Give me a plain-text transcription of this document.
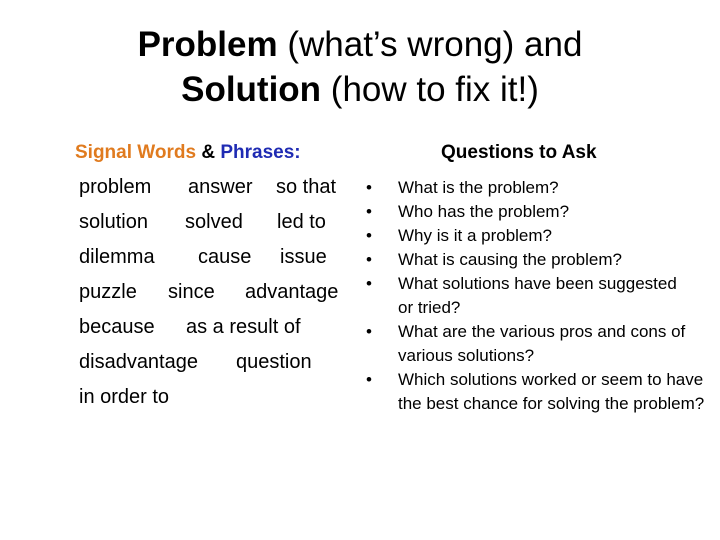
Problem (what’s wrong) and
Solution (how to fix it!)
Signal Words & Phrases:
problem answer so that
solution solved led to
dilemma cause issue
puzzle since advantage
because as a result of
disadvantage question
in order to
Questions to Ask
• What is the problem?
• Who has the problem?
• Why is it a problem?
• What is causing the problem?
• What solutions have been suggested or tried?
• What are the various pros and cons of various solutions?
• Which solutions worked or seem to have the best chance for solving the problem?
